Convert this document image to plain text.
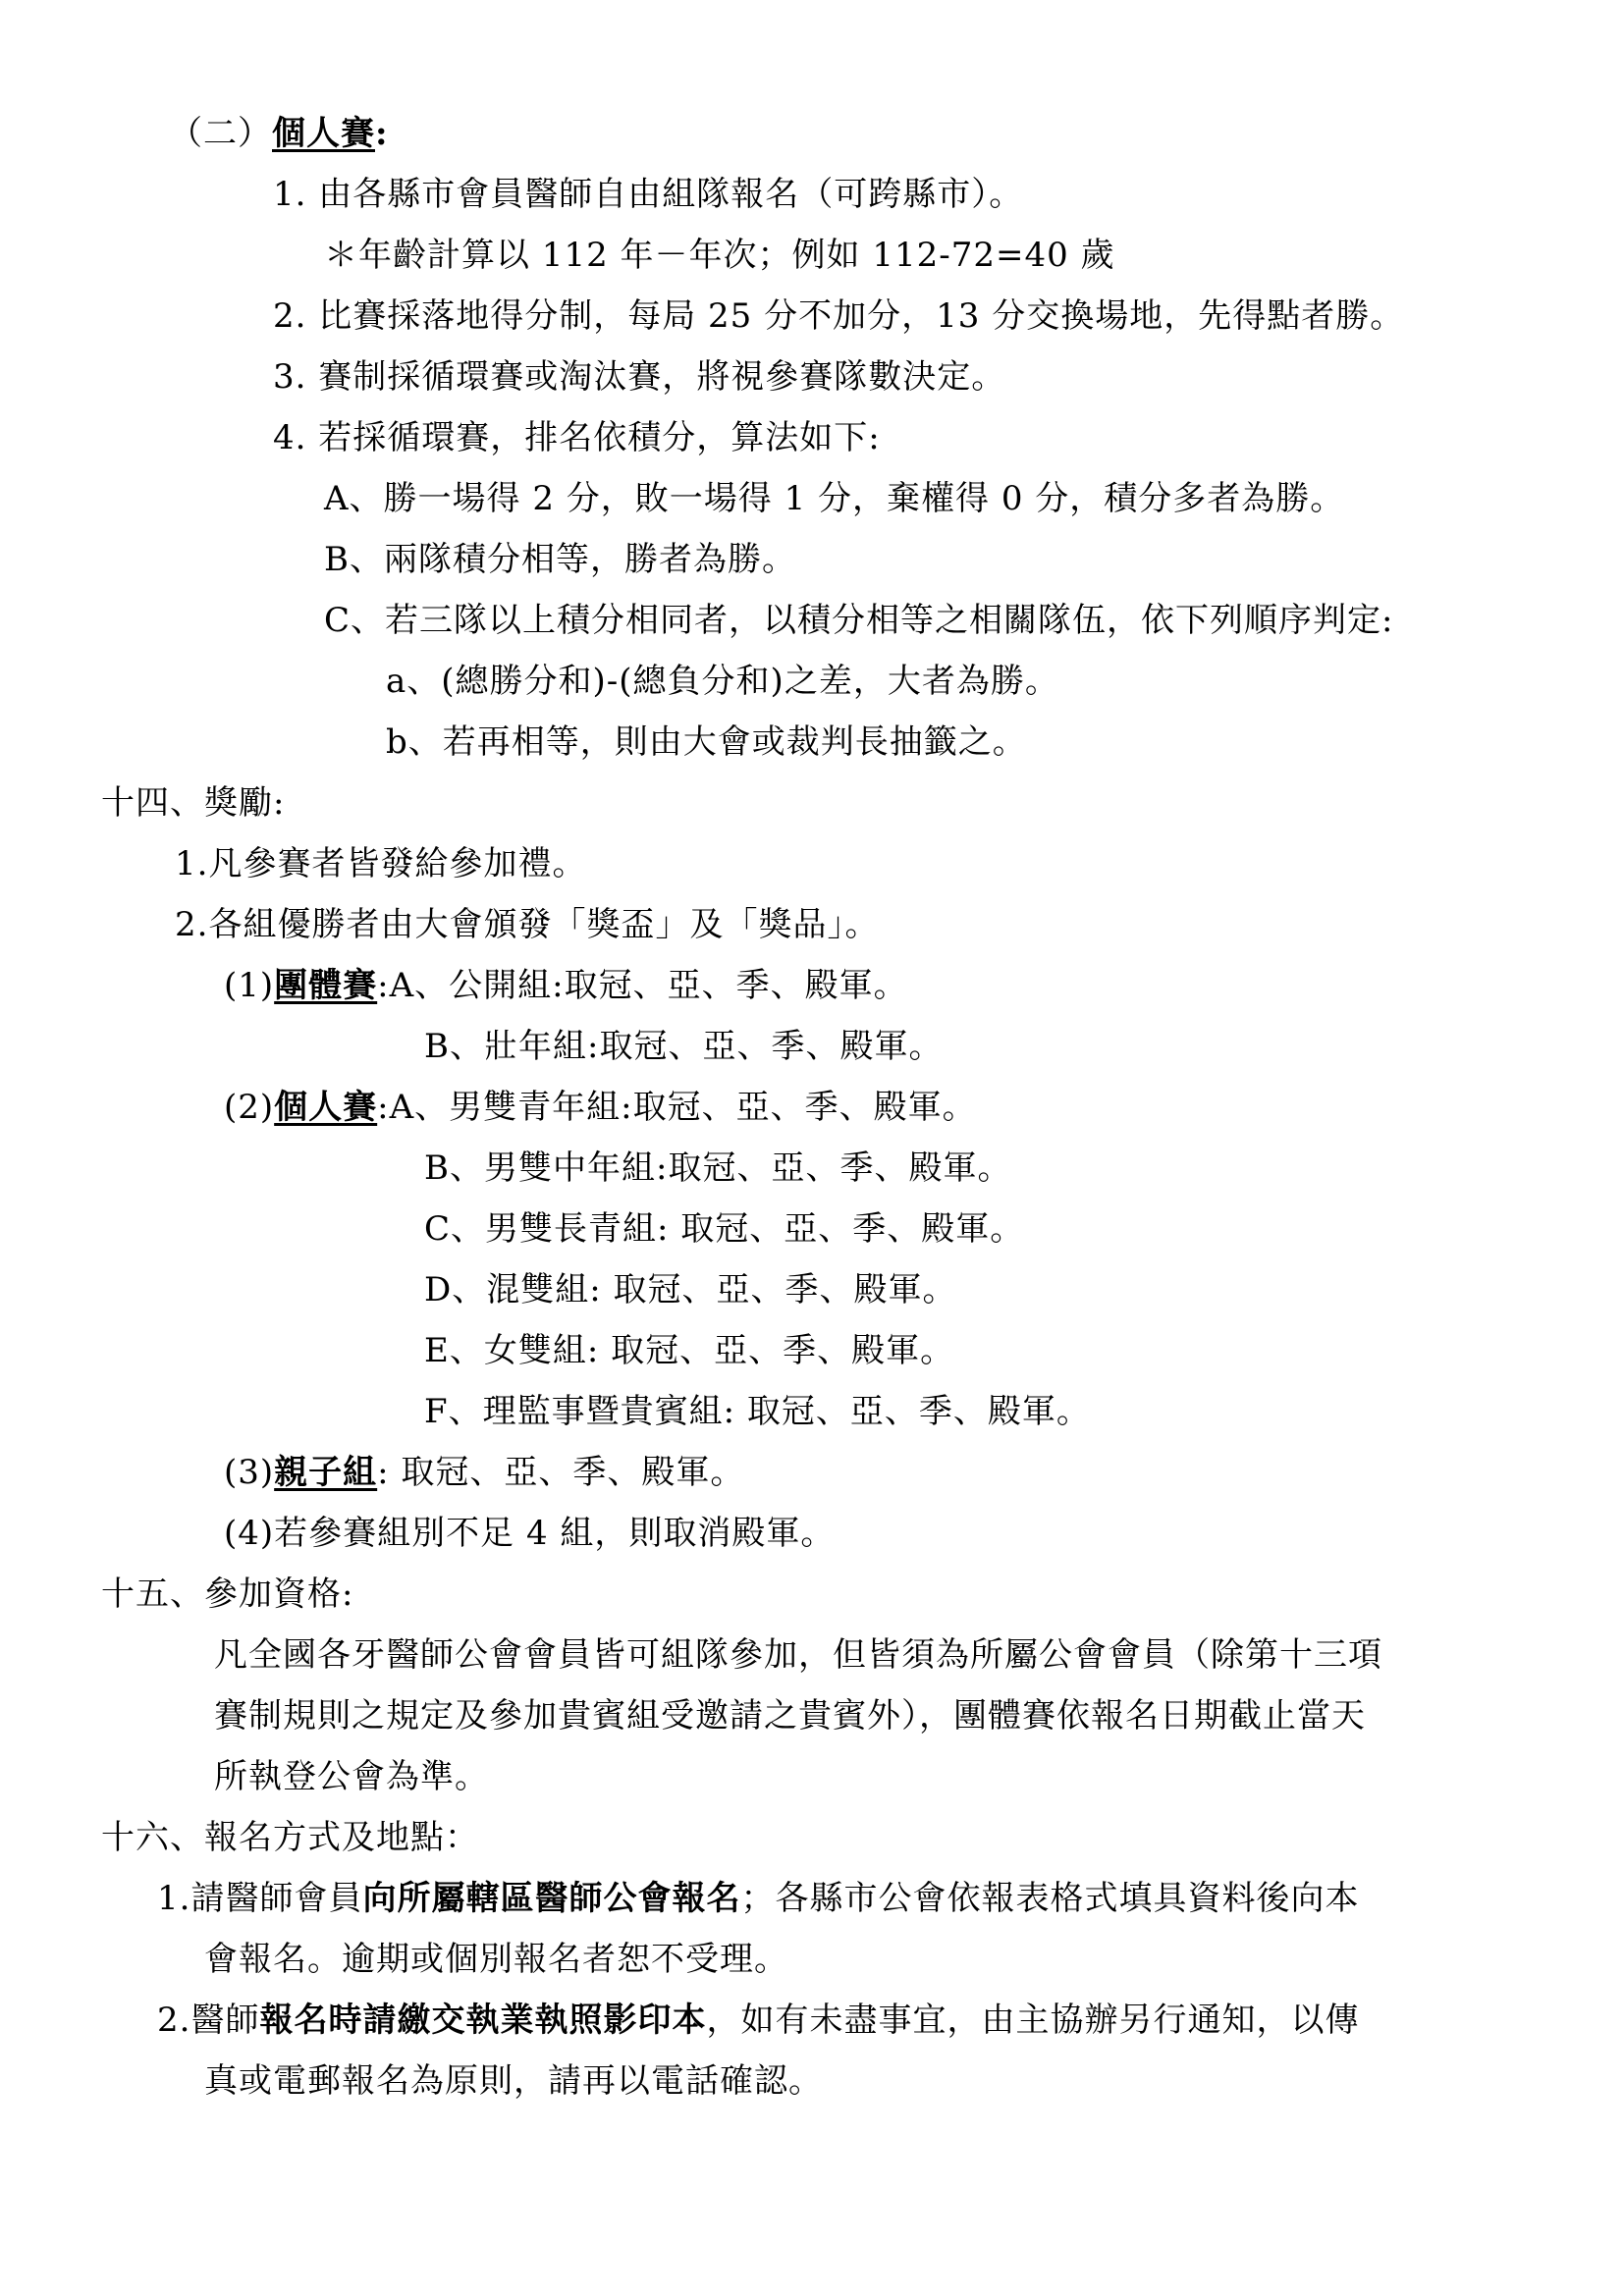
（二）個人賽:
1. 由各縣市會員醫師自由組隊報名（可跨縣市）。
＊年齡計算以 112 年－年次；例如 112-72=40 歲
2. 比賽採落地得分制，每局 25 分不加分，13 分交換場地，先得點者勝。
3. 賽制採循環賽或淘汰賽，將視參賽隊數決定。
4. 若採循環賽，排名依積分，算法如下:
A、勝一場得 2 分，敗一場得 1 分，棄權得 0 分，積分多者為勝。
B、兩隊積分相等，勝者為勝。
C、若三隊以上積分相同者，以積分相等之相關隊伍，依下列順序判定:
a、(總勝分和)-(總負分和)之差，大者為勝。
b、若再相等，則由大會或裁判長抽籤之。
十四、獎勵:
1.凡參賽者皆發給參加禮。
2.各組優勝者由大會頒發「獎盃」及「獎品」。
(1)團體賽:A、公開組:取冠、亞、季、殿軍。
B、壯年組:取冠、亞、季、殿軍。
(2)個人賽:A、男雙青年組:取冠、亞、季、殿軍。
B、男雙中年組:取冠、亞、季、殿軍。
C、男雙長青組: 取冠、亞、季、殿軍。
D、混雙組: 取冠、亞、季、殿軍。
E、女雙組: 取冠、亞、季、殿軍。
F、理監事暨貴賓組: 取冠、亞、季、殿軍。
(3)親子組: 取冠、亞、季、殿軍。
(4)若參賽組別不足 4 組，則取消殿軍。
十五、參加資格:
凡全國各牙醫師公會會員皆可組隊參加，但皆須為所屬公會會員（除第十三項
賽制規則之規定及參加貴賓組受邀請之貴賓外），團體賽依報名日期截止當天
所執登公會為準。
十六、報名方式及地點：
1.請醫師會員向所屬轄區醫師公會報名；各縣市公會依報表格式填具資料後向本
會報名。逾期或個別報名者恕不受理。
2.醫師報名時請繳交執業執照影印本，如有未盡事宜，由主協辦另行通知，以傳
真或電郵報名為原則，請再以電話確認。
